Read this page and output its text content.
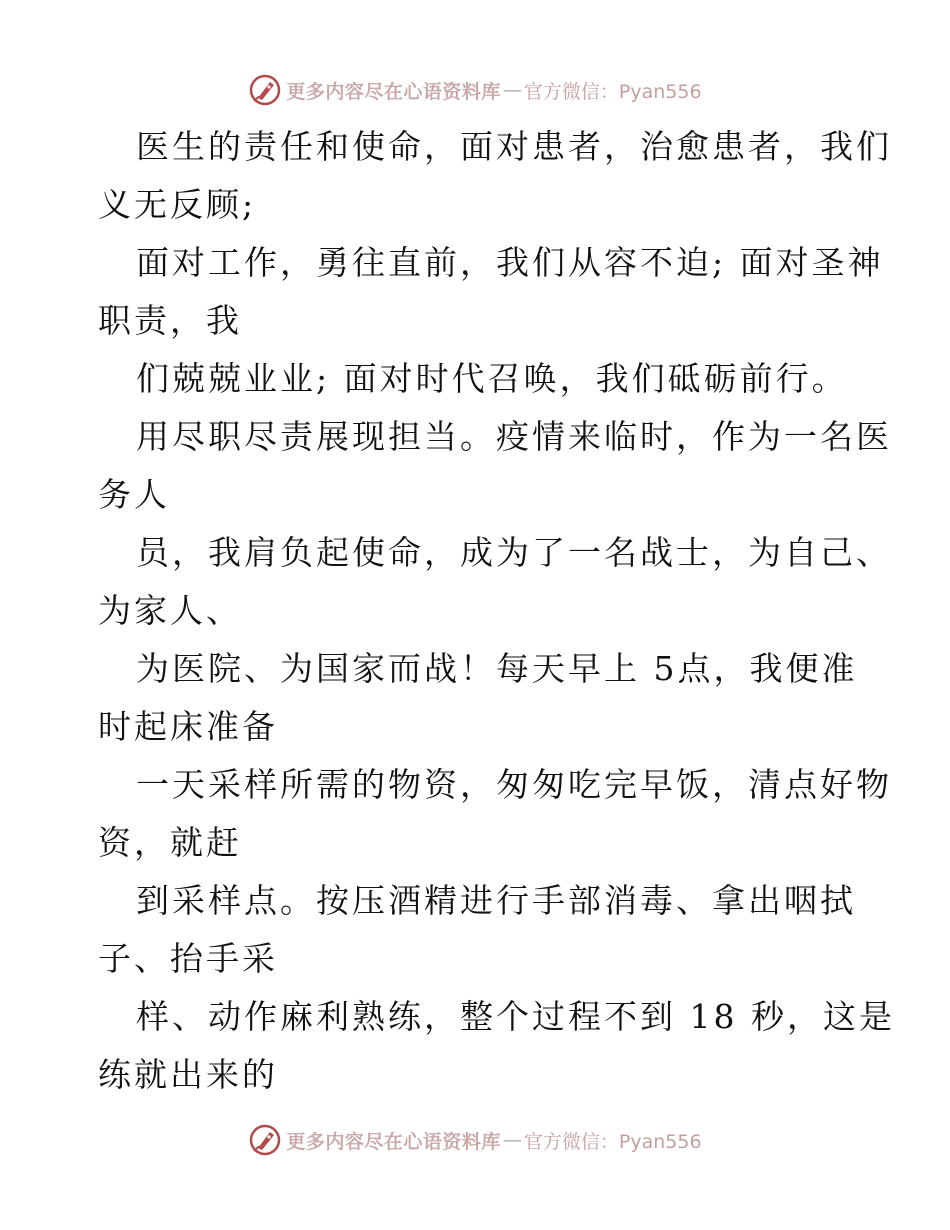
更多内容尽在心语资料库 — 官方微信：Pyan556
医生的责任和使命，面对患者，治愈患者，我们
义无反顾;
面对工作，勇往直前，我们从容不迫; 面对圣神
职责，我
们兢兢业业; 面对时代召唤，我们砥砺前行。
用尽职尽责展现担当。疫情来临时，作为一名医
务人
员，我肩负起使命，成为了一名战士，为自己、
为家人、
为医院、为国家而战！每天早上 5点，我便准
时起床准备
一天采样所需的物资，匆匆吃完早饭，清点好物
资，就赶
到采样点。按压酒精进行手部消毒、拿出咽拭
子、抬手采
样、动作麻利熟练，整个过程不到 18 秒，这是
练就出来的
更多内容尽在心语资料库 — 官方微信：Pyan556
